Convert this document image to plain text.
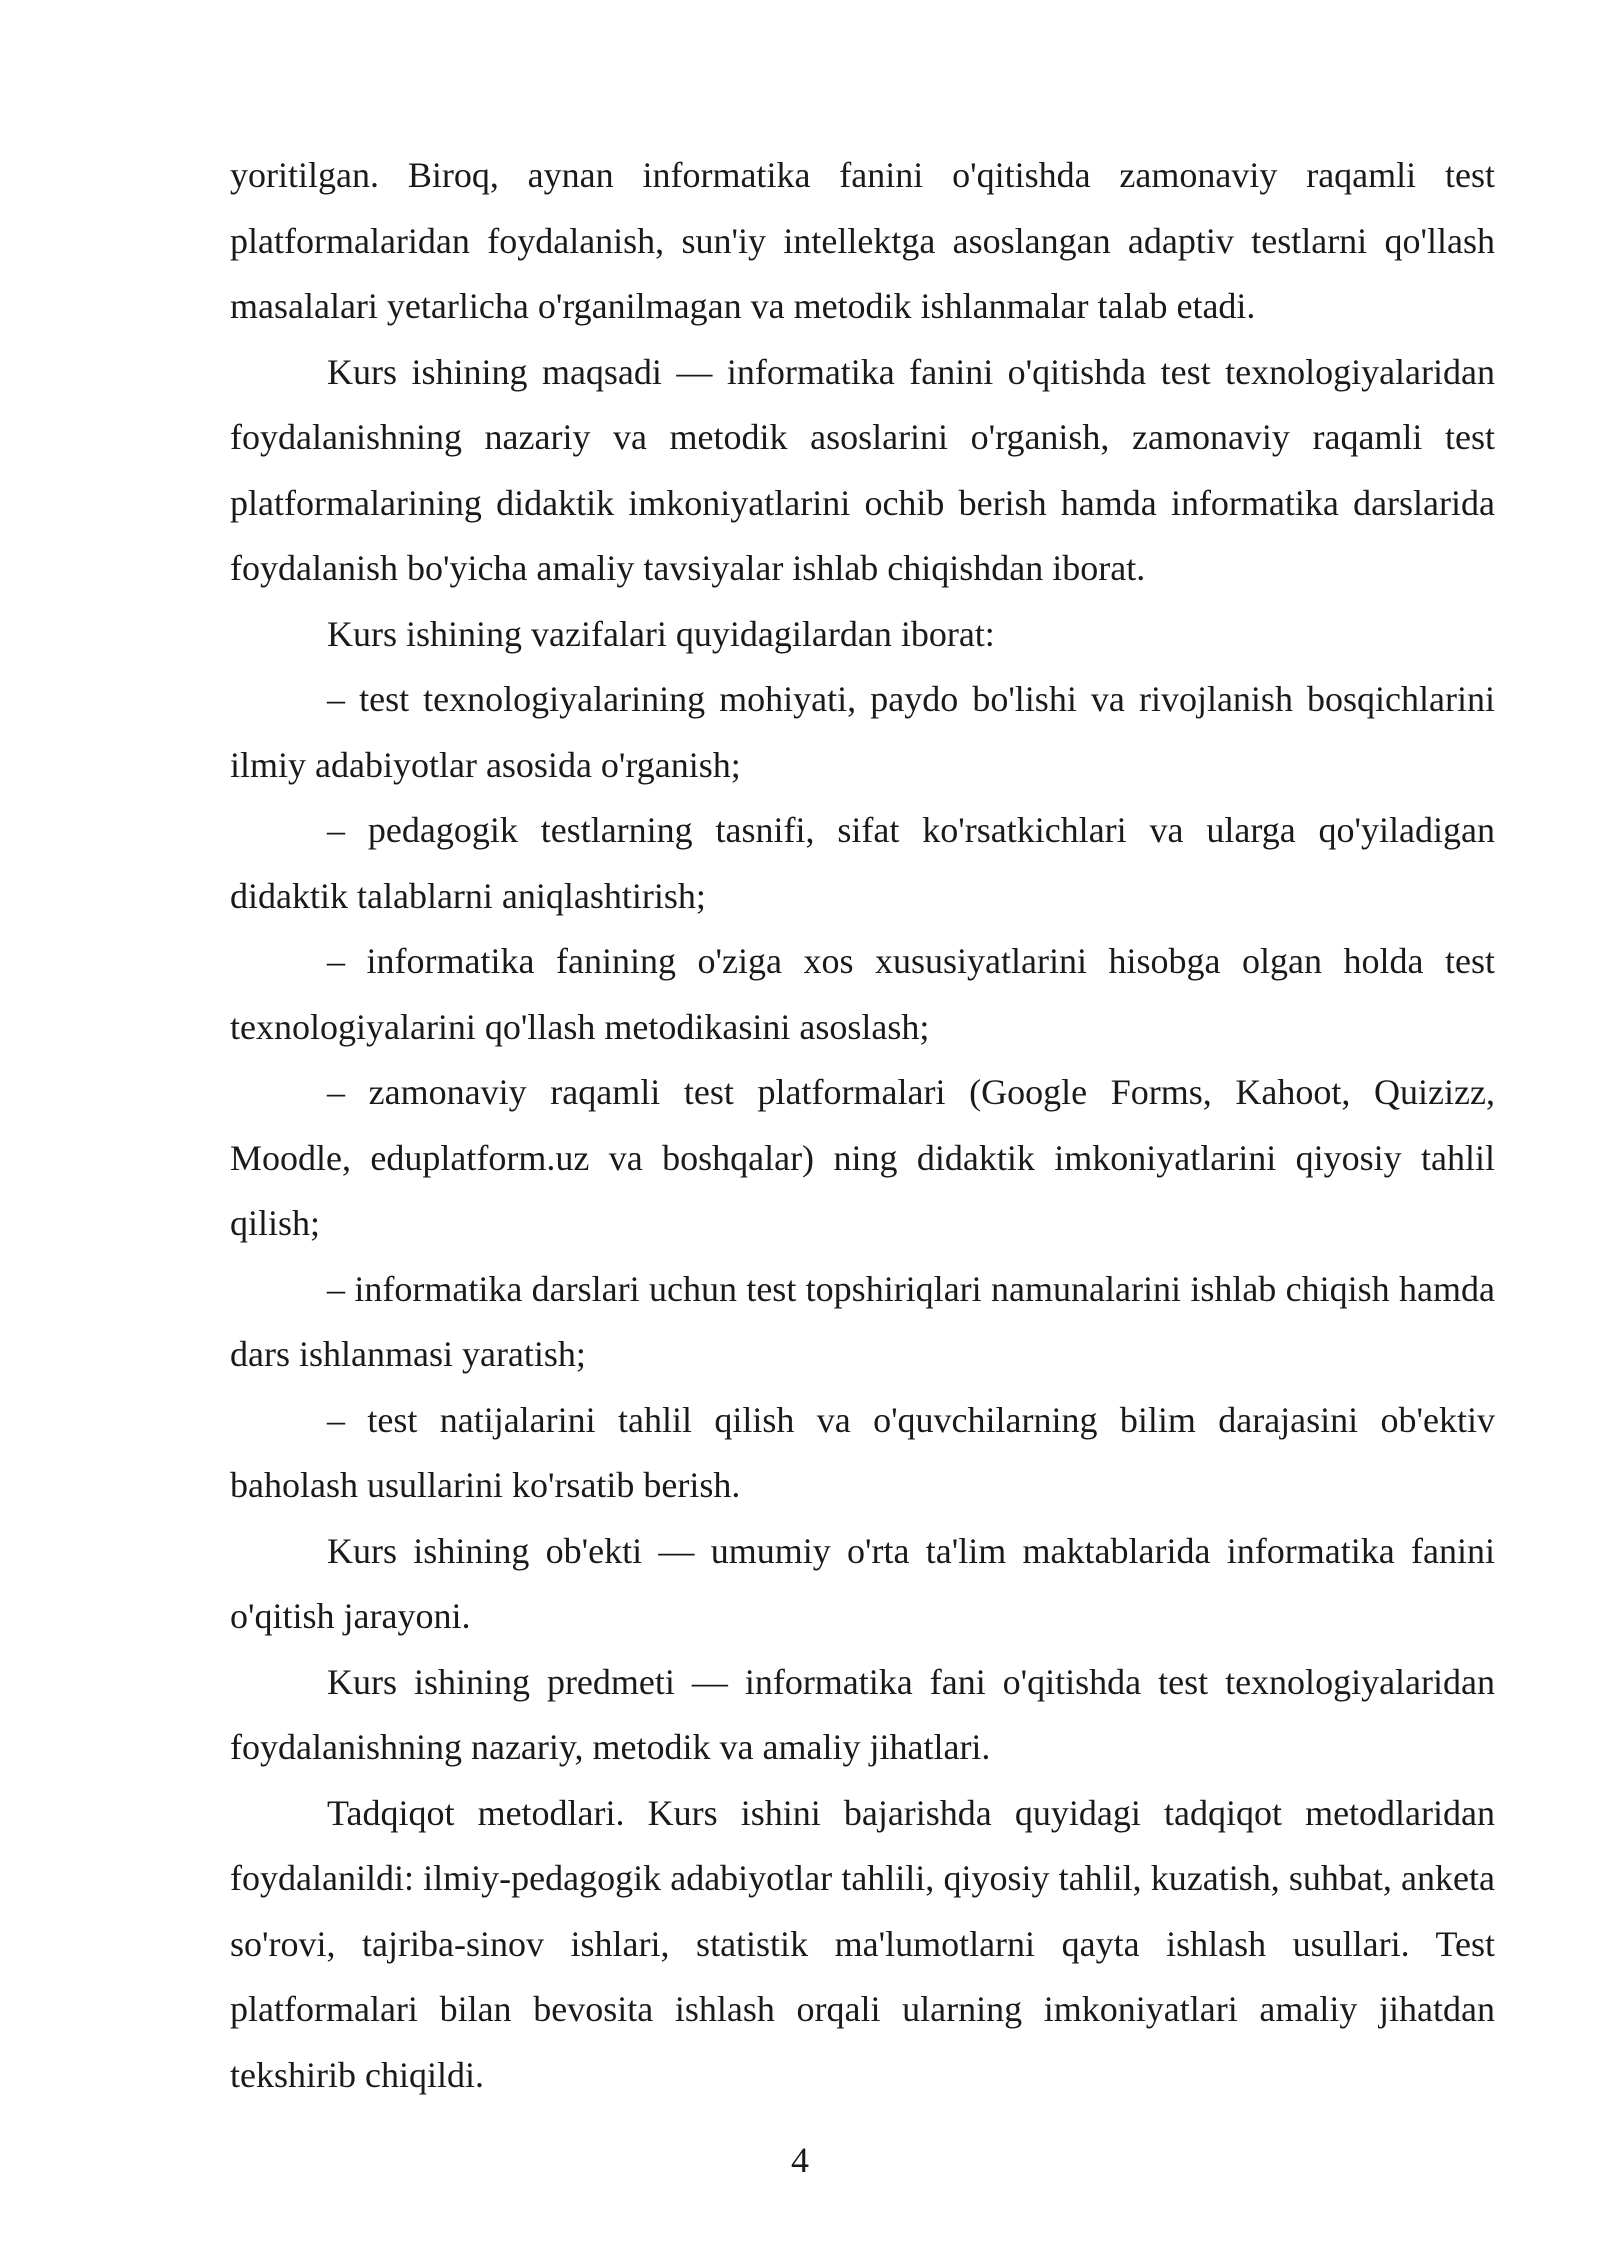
yoritilgan. Biroq, aynan informatika fanini o'qitishda zamonaviy raqamli test platformalaridan foydalanish, sun'iy intellektga asoslangan adaptiv testlarni qo'llash masalalari yetarlicha o'rganilmagan va metodik ishlanmalar talab etadi.

Kurs ishining maqsadi — informatika fanini o'qitishda test texnologiyalaridan foydalanishning nazariy va metodik asoslarini o'rganish, zamonaviy raqamli test platformalarining didaktik imkoniyatlarini ochib berish hamda informatika darslarida foydalanish bo'yicha amaliy tavsiyalar ishlab chiqishdan iborat.

Kurs ishining vazifalari quyidagilardan iborat:

– test texnologiyalarining mohiyati, paydo bo'lishi va rivojlanish bosqichlarini ilmiy adabiyotlar asosida o'rganish;

– pedagogik testlarning tasnifi, sifat ko'rsatkichlari va ularga qo'yiladigan didaktik talablarni aniqlashtirish;

– informatika fanining o'ziga xos xususiyatlarini hisobga olgan holda test texnologiyalarini qo'llash metodikasini asoslash;

– zamonaviy raqamli test platformalari (Google Forms, Kahoot, Quizizz, Moodle, eduplatform.uz va boshqalar) ning didaktik imkoniyatlarini qiyosiy tahlil qilish;

– informatika darslari uchun test topshiriqlari namunalarini ishlab chiqish hamda dars ishlanmasi yaratish;

– test natijalarini tahlil qilish va o'quvchilarning bilim darajasini ob'ektiv baholash usullarini ko'rsatib berish.

Kurs ishining ob'ekti — umumiy o'rta ta'lim maktablarida informatika fanini o'qitish jarayoni.

Kurs ishining predmeti — informatika fani o'qitishda test texnologiyalaridan foydalanishning nazariy, metodik va amaliy jihatlari.

Tadqiqot metodlari. Kurs ishini bajarishda quyidagi tadqiqot metodlaridan foydalanildi: ilmiy-pedagogik adabiyotlar tahlili, qiyosiy tahlil, kuzatish, suhbat, anketa so'rovi, tajriba-sinov ishlari, statistik ma'lumotlarni qayta ishlash usullari. Test platformalari bilan bevosita ishlash orqali ularning imkoniyatlari amaliy jihatdan tekshirib chiqildi.

4
